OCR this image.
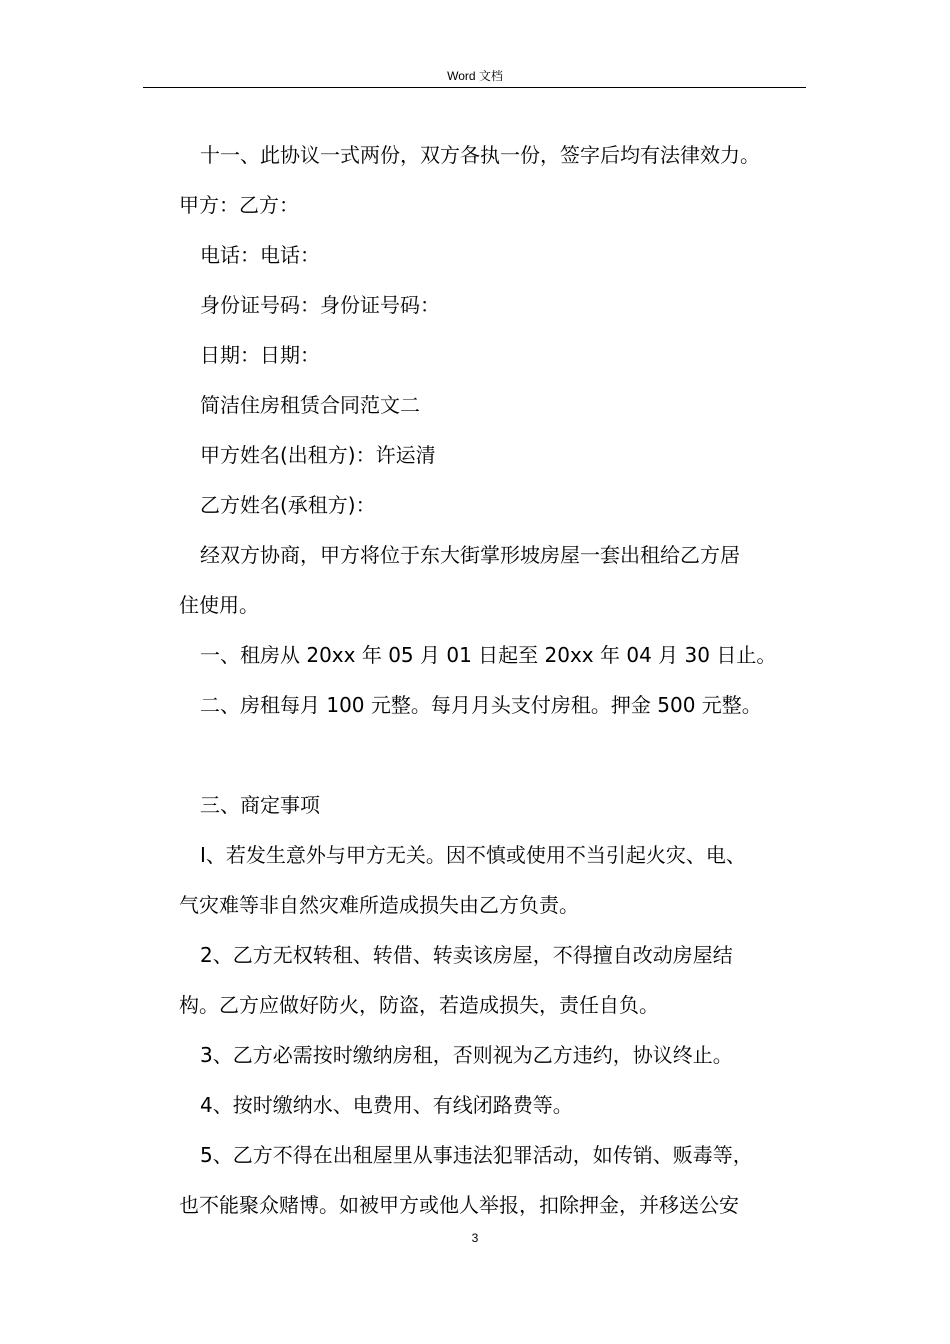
Word 文档
十一、此协议一式两份，双方各执一份，签字后均有法律效力。
甲方：乙方：
电话：电话：
身份证号码：身份证号码：
日期：日期：
简洁住房租赁合同范文二
甲方姓名(出租方)：许运清
乙方姓名(承租方)：
经双方协商，甲方将位于东大街掌形坡房屋一套出租给乙方居
住使用。
一、租房从 20xx 年 05 月 01 日起至 20xx 年 04 月 30 日止。
二、房租每月 100 元整。每月月头支付房租。押金 500 元整。
三、商定事项
I、若发生意外与甲方无关。因不慎或使用不当引起火灾、电、
气灾难等非自然灾难所造成损失由乙方负责。
2、乙方无权转租、转借、转卖该房屋，不得擅自改动房屋结
构。乙方应做好防火，防盗，若造成损失，责任自负。
3、乙方必需按时缴纳房租，否则视为乙方违约，协议终止。
4、按时缴纳水、电费用、有线闭路费等。
5、乙方不得在出租屋里从事违法犯罪活动，如传销、贩毒等，
也不能聚众赌博。如被甲方或他人举报，扣除押金，并移送公安
3
